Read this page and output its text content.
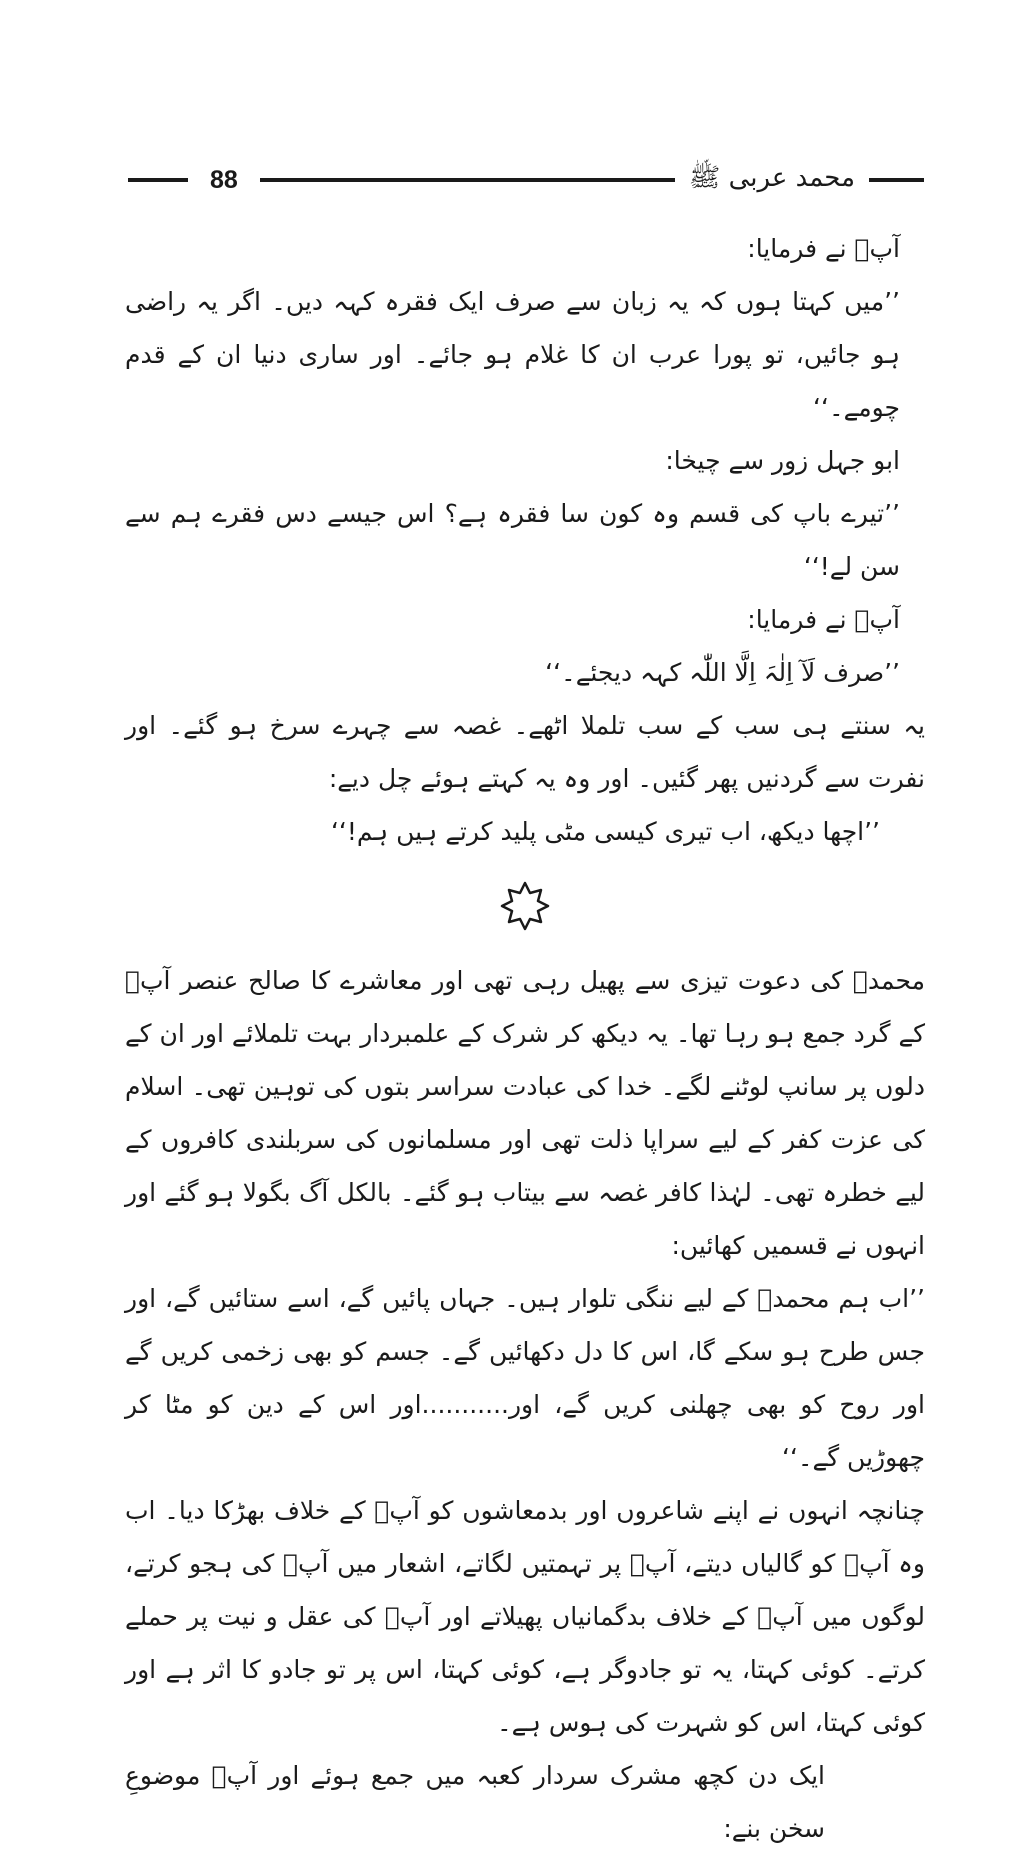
88	محمد عربی ﷺ

آپؐ نے فرمایا:

’’میں کہتا ہوں کہ یہ زبان سے صرف ایک فقرہ کہہ دیں۔ اگر یہ راضی ہو جائیں، تو پورا عرب ان کا غلام ہو جائے۔ اور ساری دنیا ان کے قدم چومے۔‘‘

ابو جہل زور سے چیخا:

’’تیرے باپ کی قسم وہ کون سا فقرہ ہے؟ اس جیسے دس فقرے ہم سے سن لے!‘‘

آپؐ نے فرمایا:

’’صرف لَآ اِلٰہَ اِلَّا اللّٰہ کہہ دیجئے۔‘‘

یہ سنتے ہی سب کے سب تلملا اٹھے۔ غصہ سے چہرے سرخ ہو گئے۔ اور نفرت سے گردنیں پھر گئیں۔ اور وہ یہ کہتے ہوئے چل دیے:

’’اچھا دیکھ، اب تیری کیسی مٹی پلید کرتے ہیں ہم!‘‘

محمدؐ کی دعوت تیزی سے پھیل رہی تھی اور معاشرے کا صالح عنصر آپؐ کے گرد جمع ہو رہا تھا۔ یہ دیکھ کر شرک کے علمبردار بہت تلملائے اور ان کے دلوں پر سانپ لوٹنے لگے۔ خدا کی عبادت سراسر بتوں کی توہین تھی۔ اسلام کی عزت کفر کے لیے سراپا ذلت تھی اور مسلمانوں کی سربلندی کافروں کے لیے خطرہ تھی۔ لہٰذا کافر غصہ سے بیتاب ہو گئے۔ بالکل آگ بگولا ہو گئے اور انہوں نے قسمیں کھائیں:

’’اب ہم محمدؐ کے لیے ننگی تلوار ہیں۔ جہاں پائیں گے، اسے ستائیں گے، اور جس طرح ہو سکے گا، اس کا دل دکھائیں گے۔ جسم کو بھی زخمی کریں گے اور روح کو بھی چھلنی کریں گے، اور...........اور اس کے دین کو مٹا کر چھوڑیں گے۔‘‘

چنانچہ انہوں نے اپنے شاعروں اور بدمعاشوں کو آپؐ کے خلاف بھڑکا دیا۔ اب وہ آپؐ کو گالیاں دیتے، آپؐ پر تہمتیں لگاتے، اشعار میں آپؐ کی ہجو کرتے، لوگوں میں آپؐ کے خلاف بدگمانیاں پھیلاتے اور آپؐ کی عقل و نیت پر حملے کرتے۔ کوئی کہتا، یہ تو جادوگر ہے، کوئی کہتا، اس پر تو جادو کا اثر ہے اور کوئی کہتا، اس کو شہرت کی ہوس ہے۔

ایک دن کچھ مشرک سردار کعبہ میں جمع ہوئے اور آپؐ موضوعِ سخن بنے:
